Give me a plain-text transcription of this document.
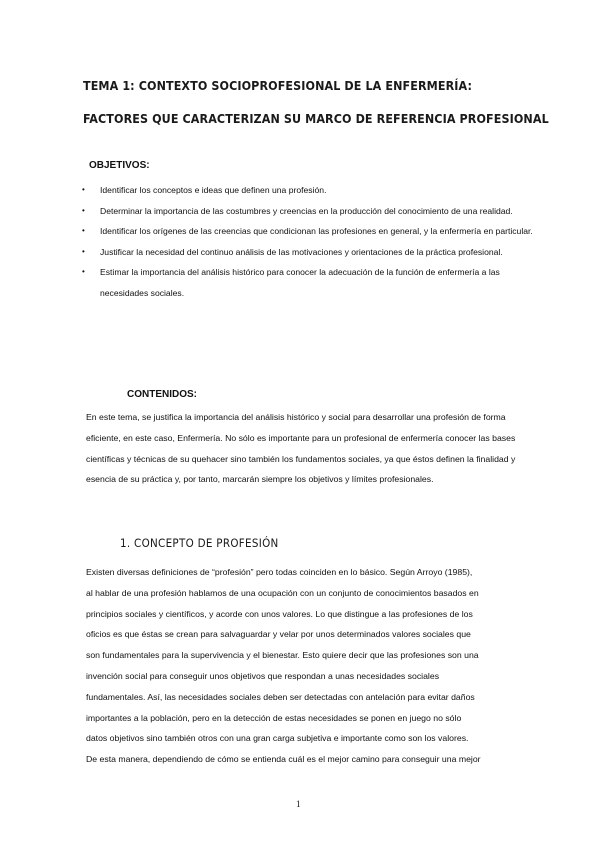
TEMA 1: CONTEXTO SOCIOPROFESIONAL DE LA ENFERMERÍA:
FACTORES QUE CARACTERIZAN SU MARCO DE REFERENCIA PROFESIONAL
OBJETIVOS:
• Identificar los conceptos e ideas que definen una profesión.
• Determinar la importancia de las costumbres y creencias en la producción del conocimiento de una realidad.
• Identificar los orígenes de las creencias que condicionan las profesiones en general, y la enfermería en particular.
• Justificar la necesidad del continuo análisis de las motivaciones y orientaciones de la práctica profesional.
• Estimar la importancia del análisis histórico para conocer la adecuación de la función de enfermería a las necesidades sociales.
CONTENIDOS:
En este tema, se justifica la importancia del análisis histórico y social para desarrollar una profesión de forma eficiente, en este caso, Enfermería. No sólo es importante para un profesional de enfermería conocer las bases científicas y técnicas de su quehacer sino también los fundamentos sociales, ya que éstos definen la finalidad y esencia de su práctica y, por tanto, marcarán siempre los objetivos y límites profesionales.
1. CONCEPTO DE PROFESIÓN
Existen diversas definiciones de “profesión” pero todas coinciden en lo básico. Según Arroyo (1985),
al hablar de una profesión hablamos de una ocupación con un conjunto de conocimientos basados en
principios sociales y científicos, y acorde con unos valores. Lo que distingue a las profesiones de los
oficios es que éstas se crean para salvaguardar y velar por unos determinados valores sociales que
son fundamentales para la supervivencia y el bienestar. Esto quiere decir que las profesiones son una
invención social para conseguir unos objetivos que respondan a unas necesidades sociales
fundamentales. Así, las necesidades sociales deben ser detectadas con antelación para evitar daños
importantes a la población, pero en la detección de estas necesidades se ponen en juego no sólo
datos objetivos sino también otros con una gran carga subjetiva e importante como son los valores.
De esta manera, dependiendo de cómo se entienda cuál es el mejor camino para conseguir una mejor
1
